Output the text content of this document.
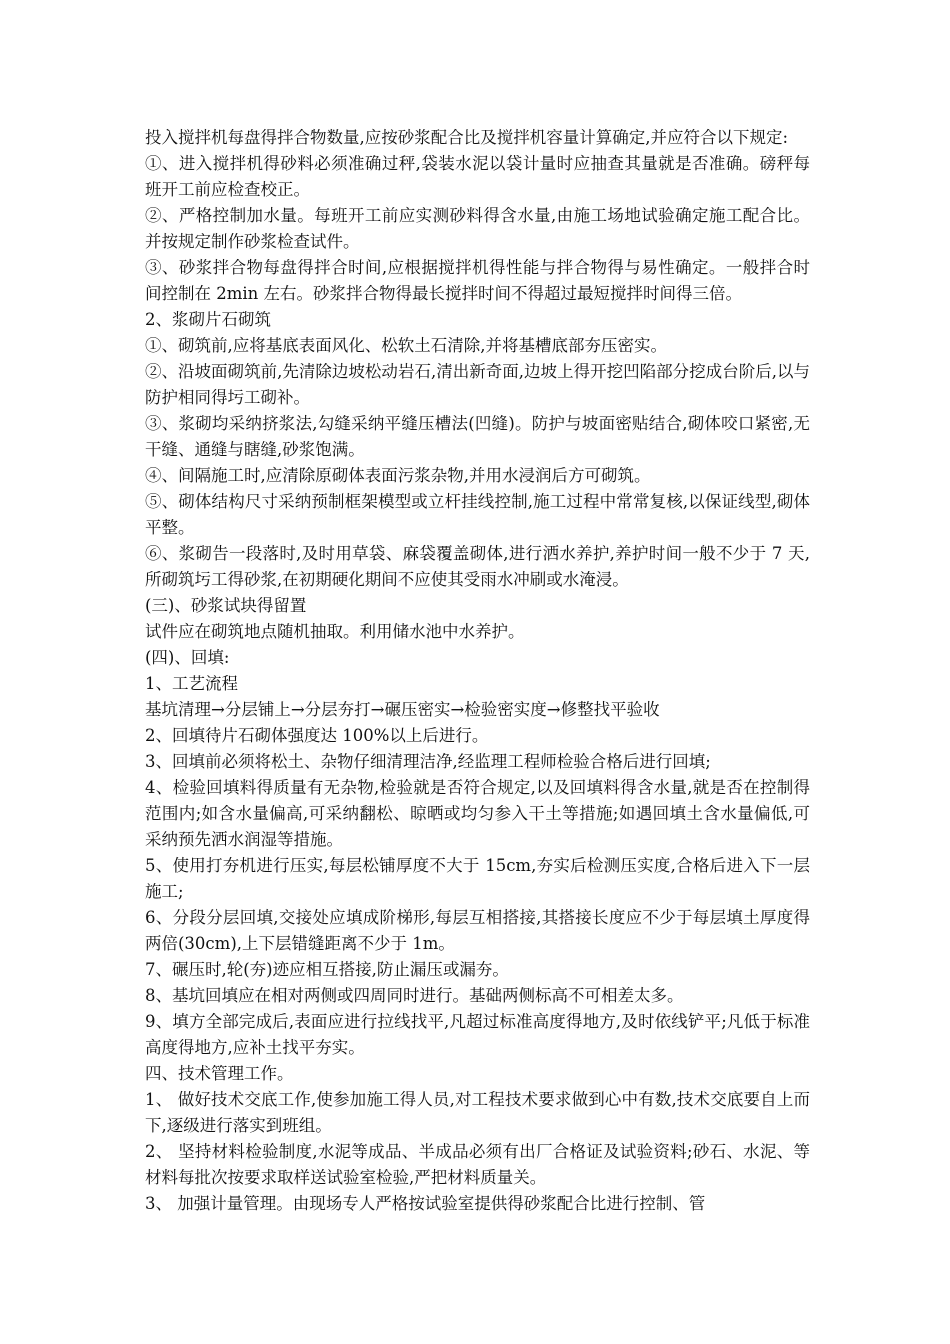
投入搅拌机每盘得拌合物数量,应按砂浆配合比及搅拌机容量计算确定,并应符合以下规定:

①、进入搅拌机得砂料必须准确过秤,袋装水泥以袋计量时应抽查其量就是否准确。磅秤每班开工前应检查校正。

②、严格控制加水量。每班开工前应实测砂料得含水量,由施工场地试验确定施工配合比。并按规定制作砂浆检查试件。

③、砂浆拌合物每盘得拌合时间,应根据搅拌机得性能与拌合物得与易性确定。一般拌合时间控制在 2min 左右。砂浆拌合物得最长搅拌时间不得超过最短搅拌时间得三倍。

2、浆砌片石砌筑

①、砌筑前,应将基底表面风化、松软土石清除,并将基槽底部夯压密实。

②、沿坡面砌筑前,先清除边坡松动岩石,清出新奇面,边坡上得开挖凹陷部分挖成台阶后,以与防护相同得圬工砌补。

③、浆砌均采纳挤浆法,勾缝采纳平缝压槽法(凹缝)。防护与坡面密贴结合,砌体咬口紧密,无干缝、通缝与瞎缝,砂浆饱满。

④、间隔施工时,应清除原砌体表面污浆杂物,并用水浸润后方可砌筑。

⑤、砌体结构尺寸采纳预制框架模型或立杆挂线控制,施工过程中常常复核,以保证线型,砌体平整。

⑥、浆砌告一段落时,及时用草袋、麻袋覆盖砌体,进行洒水养护,养护时间一般不少于 7 天,所砌筑圬工得砂浆,在初期硬化期间不应使其受雨水冲刷或水淹浸。

(三)、砂浆试块得留置

试件应在砌筑地点随机抽取。利用储水池中水养护。

(四)、回填:

1、工艺流程

基坑清理→分层铺上→分层夯打→碾压密实→检验密实度→修整找平验收

2、回填待片石砌体强度达 100%以上后进行。

3、回填前必须将松土、杂物仔细清理洁净,经监理工程师检验合格后进行回填;

4、检验回填料得质量有无杂物,检验就是否符合规定,以及回填料得含水量,就是否在控制得范围内;如含水量偏高,可采纳翻松、晾晒或均匀参入干土等措施;如遇回填土含水量偏低,可采纳预先洒水润湿等措施。

5、使用打夯机进行压实,每层松铺厚度不大于 15cm,夯实后检测压实度,合格后进入下一层施工;

6、分段分层回填,交接处应填成阶梯形,每层互相搭接,其搭接长度应不少于每层填土厚度得两倍(30cm),上下层错缝距离不少于 1m。

7、碾压时,轮(夯)迹应相互搭接,防止漏压或漏夯。

8、基坑回填应在相对两侧或四周同时进行。基础两侧标高不可相差太多。

9、填方全部完成后,表面应进行拉线找平,凡超过标准高度得地方,及时依线铲平;凡低于标准高度得地方,应补土找平夯实。

四、技术管理工作。

1、 做好技术交底工作,使参加施工得人员,对工程技术要求做到心中有数,技术交底要自上而下,逐级进行落实到班组。

2、 坚持材料检验制度,水泥等成品、半成品必须有出厂合格证及试验资料;砂石、水泥、等材料每批次按要求取样送试验室检验,严把材料质量关。

3、 加强计量管理。由现场专人严格按试验室提供得砂浆配合比进行控制、管
